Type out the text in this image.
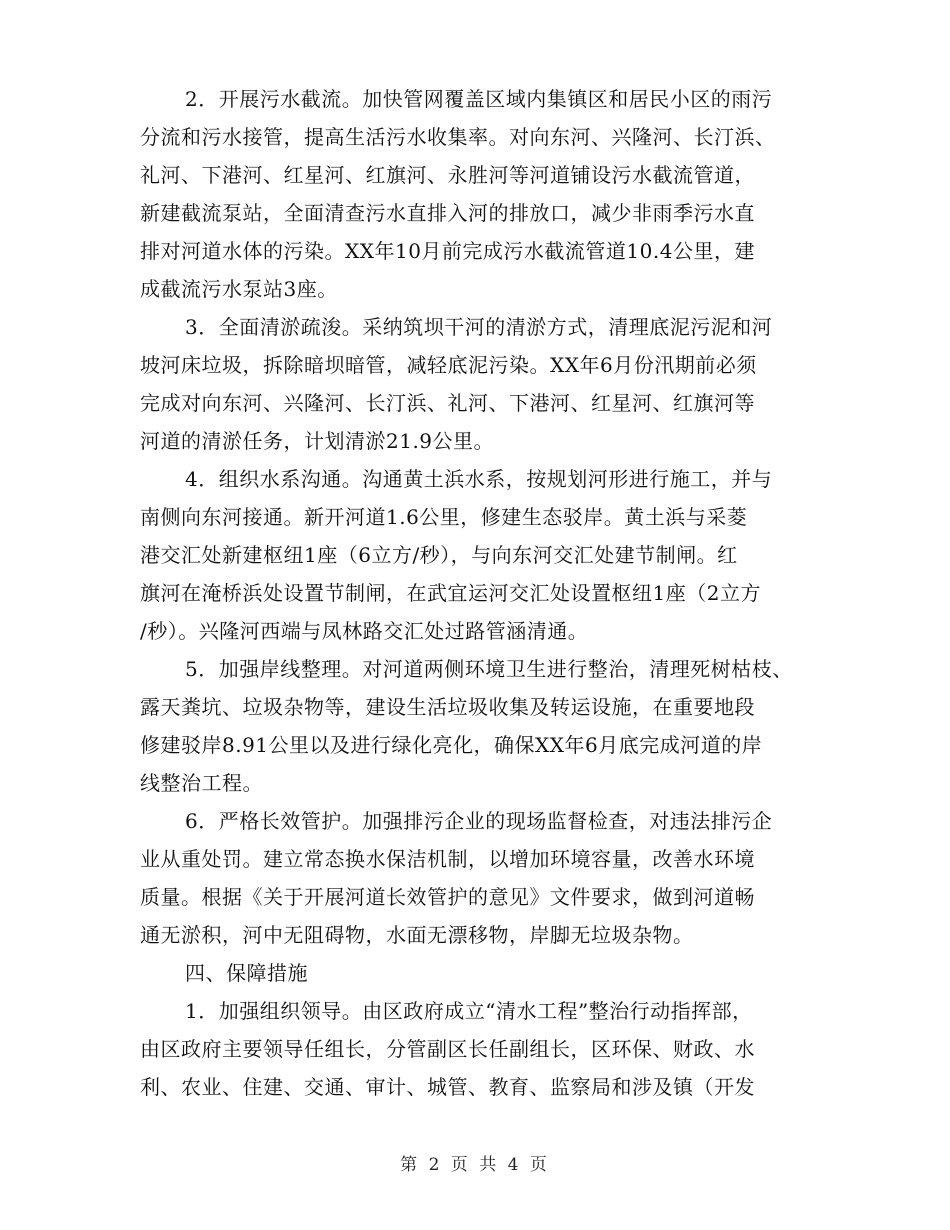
2．开展污水截流。加快管网覆盖区域内集镇区和居民小区的雨污
分流和污水接管，提高生活污水收集率。对向东河、兴隆河、长汀浜、
礼河、下港河、红星河、红旗河、永胜河等河道铺设污水截流管道，
新建截流泵站，全面清查污水直排入河的排放口，减少非雨季污水直
排对河道水体的污染。XX年10月前完成污水截流管道10.4公里，建
成截流污水泵站3座。
3．全面清淤疏浚。采纳筑坝干河的清淤方式，清理底泥污泥和河
坡河床垃圾，拆除暗坝暗管，减轻底泥污染。XX年6月份汛期前必须
完成对向东河、兴隆河、长汀浜、礼河、下港河、红星河、红旗河等
河道的清淤任务，计划清淤21.9公里。
4．组织水系沟通。沟通黄土浜水系，按规划河形进行施工，并与
南侧向东河接通。新开河道1.6公里，修建生态驳岸。黄土浜与采菱
港交汇处新建枢纽1座（6立方/秒），与向东河交汇处建节制闸。红
旗河在淹桥浜处设置节制闸，在武宜运河交汇处设置枢纽1座（2立方
/秒）。兴隆河西端与凤林路交汇处过路管涵清通。
5．加强岸线整理。对河道两侧环境卫生进行整治，清理死树枯枝、
露天粪坑、垃圾杂物等，建设生活垃圾收集及转运设施，在重要地段
修建驳岸8.91公里以及进行绿化亮化，确保XX年6月底完成河道的岸
线整治工程。
6．严格长效管护。加强排污企业的现场监督检查，对违法排污企
业从重处罚。建立常态换水保洁机制，以增加环境容量，改善水环境
质量。根据《关于开展河道长效管护的意见》文件要求，做到河道畅
通无淤积，河中无阻碍物，水面无漂移物，岸脚无垃圾杂物。
四、保障措施
1．加强组织领导。由区政府成立“清水工程”整治行动指挥部，
由区政府主要领导任组长，分管副区长任副组长，区环保、财政、水
利、农业、住建、交通、审计、城管、教育、监察局和涉及镇（开发
第 2 页 共 4 页
